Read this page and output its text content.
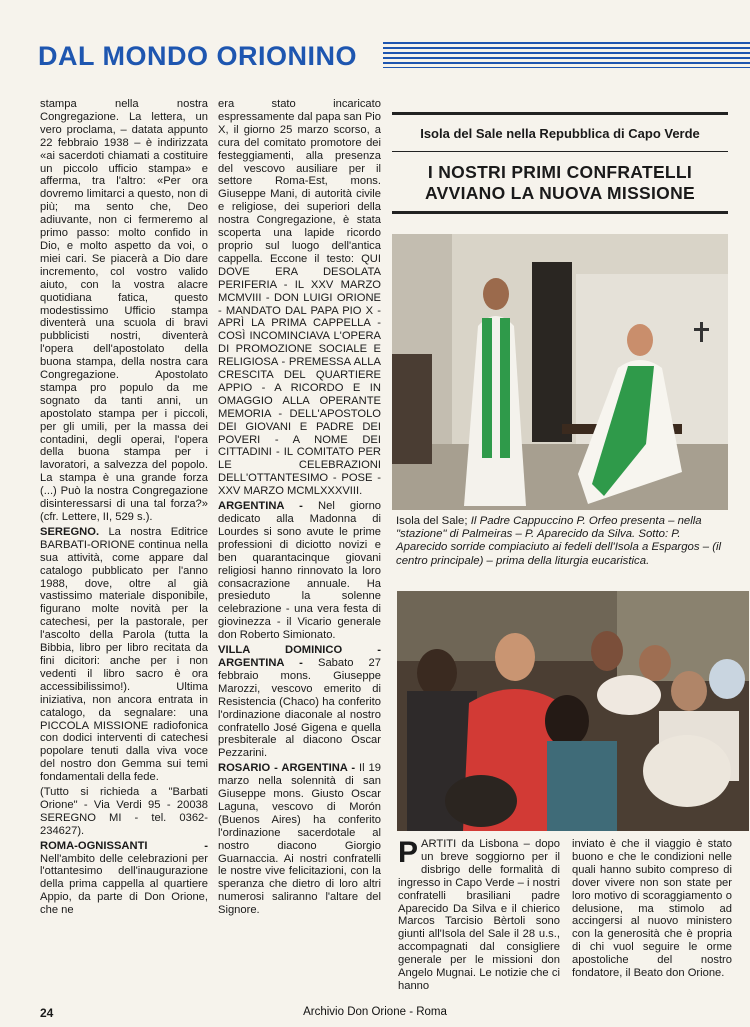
DAL MONDO ORIONINO

stampa nella nostra Congregazione. La lettera, un vero proclama, – datata appunto 22 febbraio 1938 – è indirizzata «ai sacerdoti chiamati a costituire un piccolo ufficio stampa» e afferma, tra l'altro: «Per ora dovremo limitarci a questo, non di più; ma sento che, Deo adiuvante, non ci fermeremo al primo passo: molto confido in Dio, e molto aspetto da voi, o miei cari. Se piacerà a Dio dare incremento, col vostro valido aiuto, con la vostra alacre quotidiana fatica, questo modestissimo Ufficio stampa diventerà una scuola di bravi pubblicisti nostri, diventerà l'opera dell'apostolato della buona stampa, della nostra cara Congregazione. Apostolato stampa pro populo da me sognato da tanti anni, un apostolato stampa per i piccoli, per gli umili, per la massa dei contadini, degli operai, l'opera della buona stampa per i lavoratori, a salvezza del popolo. La stampa è una grande forza (...) Può la nostra Congregazione disinteressarsi di una tal forza?» (cfr. Lettere, II, 529 s.).

SEREGNO. La nostra Editrice BARBATI-ORIONE continua nella sua attività, come appare dal catalogo pubblicato per l'anno 1988, dove, oltre al già vastissimo materiale disponibile, figurano molte novità per la catechesi, per la pastorale, per l'ascolto della Parola (tutta la Bibbia, libro per libro recitata da fini dicitori: anche per i non vedenti il libro sacro è ora accessibilissimo!). Ultima iniziativa, non ancora entrata in catalogo, da segnalare: una PICCOLA MISSIONE radiofonica con dodici interventi di catechesi popolare tenuti dalla viva voce del nostro don Gemma sui temi fondamentali della fede.

(Tutto si richieda a "Barbati Orione" - Via Verdi 95 - 20038 SEREGNO MI - tel. 0362-234627).

ROMA-OGNISSANTI - Nell'ambito delle celebrazioni per l'ottantesimo dell'inaugurazione della prima cappella al quartiere Appio, da parte di Don Orione, che ne

era stato incaricato espressamente dal papa san Pio X, il giorno 25 marzo scorso, a cura del comitato promotore dei festeggiamenti, alla presenza del vescovo ausiliare per il settore Roma-Est, mons. Giuseppe Mani, di autorità civile e religiose, dei superiori della nostra Congregazione, è stata scoperta una lapide ricordo proprio sul luogo dell'antica cappella. Eccone il testo: QUI DOVE ERA DESOLATA PERIFERIA - IL XXV MARZO MCMVIII - DON LUIGI ORIONE - MANDATO DAL PAPA PIO X - APRÌ LA PRIMA CAPPELLA - COSÌ INCOMINCIAVA L'OPERA DI PROMOZIONE SOCIALE E RELIGIOSA - PREMESSA ALLA CRESCITA DEL QUARTIERE APPIO - A RICORDO E IN OMAGGIO ALLA OPERANTE MEMORIA - DELL'APOSTOLO DEI GIOVANI E PADRE DEI POVERI - A NOME DEI CITTADINI - IL COMITATO PER LE CELEBRAZIONI DELL'OTTANTESIMO - POSE - XXV MARZO MCMLXXXVIII.

ARGENTINA - Nel giorno dedicato alla Madonna di Lourdes si sono avute le prime professioni di diciotto novizi e ben quarantacinque giovani religiosi hanno rinnovato la loro consacrazione annuale. Ha presieduto la solenne celebrazione - una vera festa di giovinezza - il Vicario generale don Roberto Simionato.

VILLA DOMINICO - ARGENTINA - Sabato 27 febbraio mons. Giuseppe Marozzi, vescovo emerito di Resistencia (Chaco) ha conferito l'ordinazione diaconale al nostro confratello José Gigena e quella presbiterale al diacono Oscar Pezzarini.

ROSARIO - ARGENTINA - Il 19 marzo nella solennità di san Giuseppe mons. Giusto Oscar Laguna, vescovo di Morón (Buenos Aires) ha conferito l'ordinazione sacerdotale al nostro diacono Giorgio Guarnaccia. Ai nostri confratelli le nostre vive felicitazioni, con la speranza che dietro di loro altri numerosi saliranno l'altare del Signore.

Isola del Sale nella Repubblica di Capo Verde
I NOSTRI PRIMI CONFRATELLI
AVVIANO LA NUOVA MISSIONE
Isola del Sale; Il Padre Cappuccino P. Orfeo presenta – nella "stazione" di Palmeiras – P. Aparecido da Silva. Sotto: P. Aparecido sorride compiaciuto ai fedeli dell'Isola a Espargos – (il centro principale) – prima della liturgia eucaristica.
PARTITI da Lisbona – dopo un breve soggiorno per il disbrigo delle formalità di ingresso in Capo Verde – i nostri confratelli brasiliani padre Aparecido Da Silva e il chierico Marcos Tarcisio Bèrtoli sono giunti all'Isola del Sale il 28 u.s., accompagnati dal consigliere generale per le missioni don Angelo Mugnai. Le notizie che ci hanno
inviato è che il viaggio è stato buono e che le condizioni nelle quali hanno subito compreso di dover vivere non son state per loro motivo di scoraggiamento o delusione, ma stimolo ad accingersi al nuovo ministero con la generosità che è propria di chi vuol seguire le orme apostoliche del nostro fondatore, il Beato don Orione.
24	Archivio Don Orione - Roma
